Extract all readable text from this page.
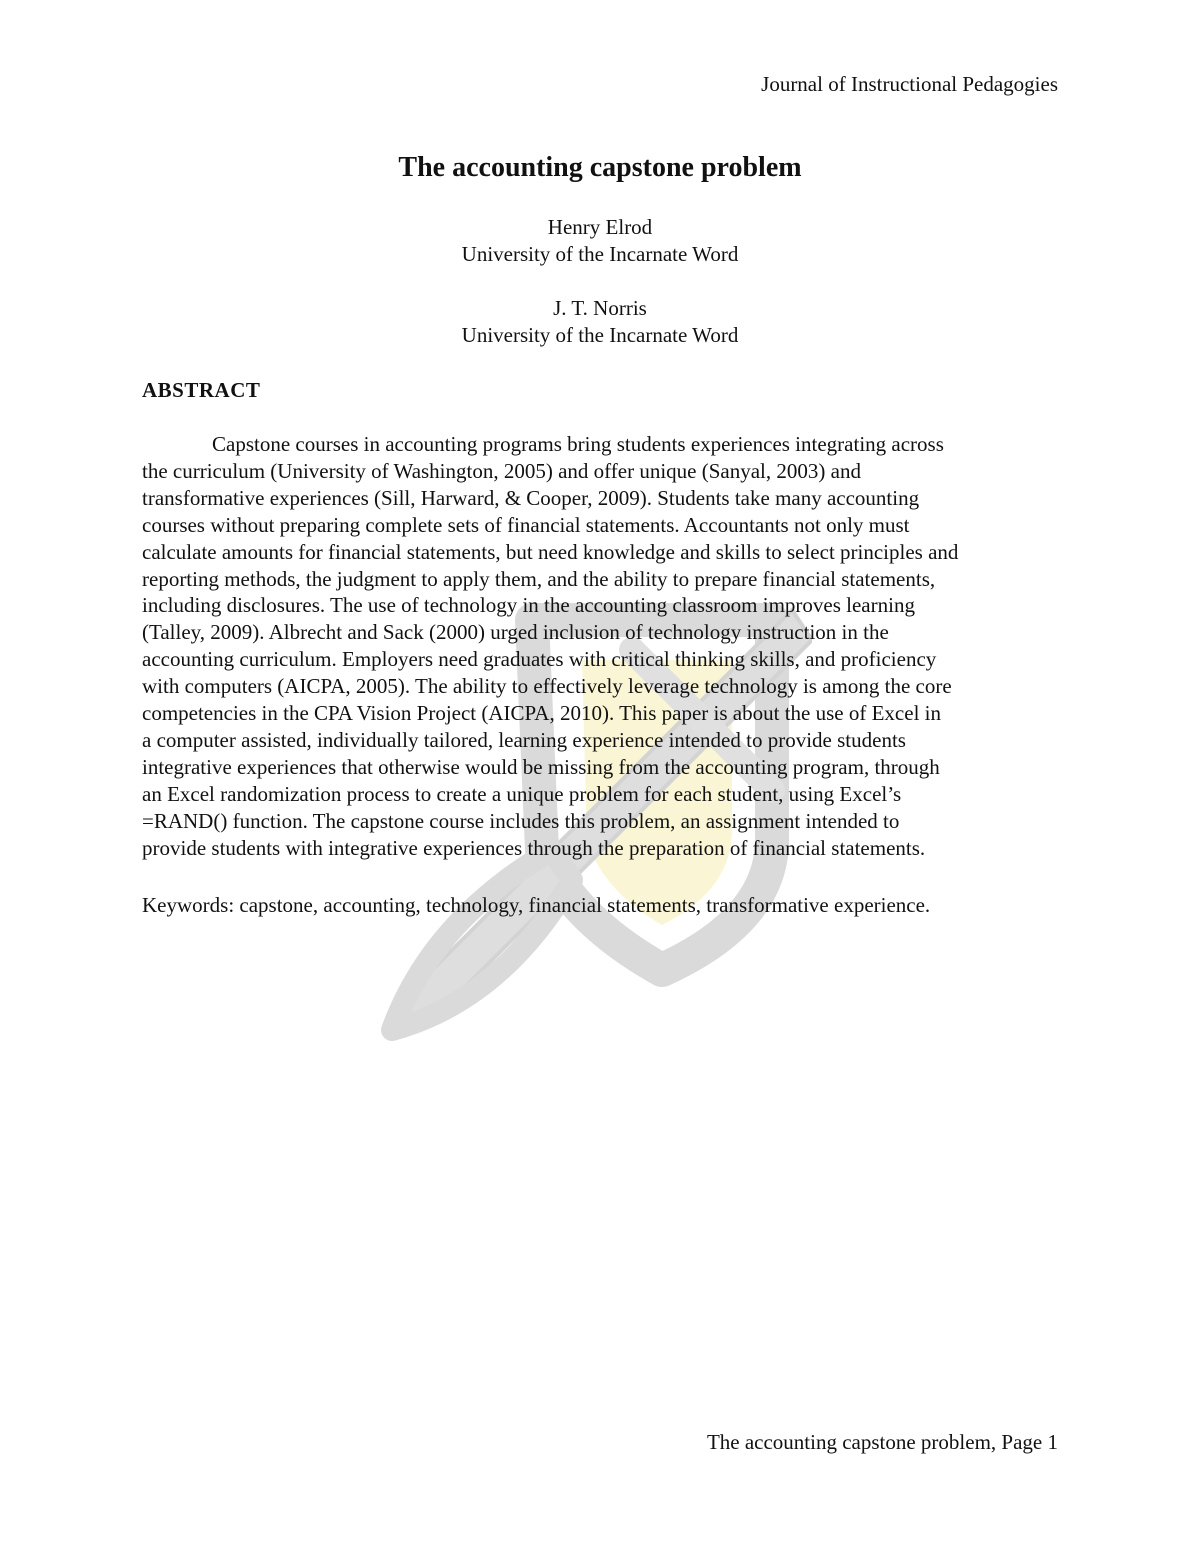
Journal of Instructional Pedagogies
The accounting capstone problem
Henry Elrod
University of the Incarnate Word
J. T. Norris
University of the Incarnate Word
ABSTRACT
Capstone courses in accounting programs bring students experiences integrating across
the curriculum (University of Washington, 2005) and offer unique (Sanyal, 2003) and
transformative experiences (Sill, Harward, & Cooper, 2009). Students take many accounting
courses without preparing complete sets of financial statements. Accountants not only must
calculate amounts for financial statements, but need knowledge and skills to select principles and
reporting methods, the judgment to apply them, and the ability to prepare financial statements,
including disclosures. The use of technology in the accounting classroom improves learning
(Talley, 2009). Albrecht and Sack (2000) urged inclusion of technology instruction in the
accounting curriculum. Employers need graduates with critical thinking skills, and proficiency
with computers (AICPA, 2005). The ability to effectively leverage technology is among the core
competencies in the CPA Vision Project (AICPA, 2010). This paper is about the use of Excel in
a computer assisted, individually tailored, learning experience intended to provide students
integrative experiences that otherwise would be missing from the accounting program, through
an Excel randomization process to create a unique problem for each student, using Excel’s
=RAND() function. The capstone course includes this problem, an assignment intended to
provide students with integrative experiences through the preparation of financial statements.
Keywords: capstone, accounting, technology, financial statements, transformative experience.
The accounting capstone problem, Page 1
